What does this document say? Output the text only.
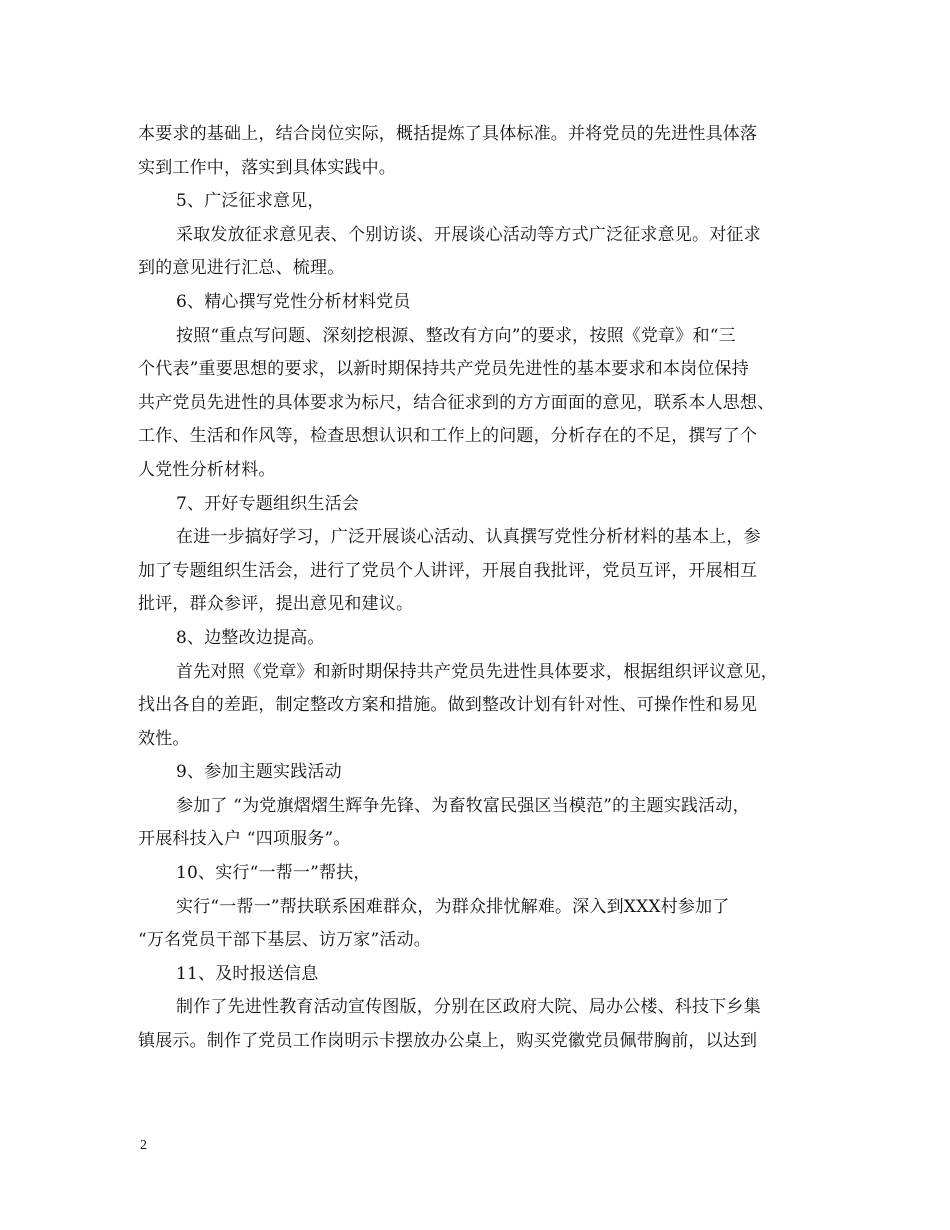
本要求的基础上，结合岗位实际，概括提炼了具体标准。并将党员的先进性具体落
实到工作中，落实到具体实践中。
5、广泛征求意见，
采取发放征求意见表、个别访谈、开展谈心活动等方式广泛征求意见。对征求
到的意见进行汇总、梳理。
6、精心撰写党性分析材料党员
按照“重点写问题、深刻挖根源、整改有方向”的要求，按照《党章》和“三
个代表”重要思想的要求，以新时期保持共产党员先进性的基本要求和本岗位保持
共产党员先进性的具体要求为标尺，结合征求到的方方面面的意见，联系本人思想、
工作、生活和作风等，检查思想认识和工作上的问题，分析存在的不足，撰写了个
人党性分析材料。
7、开好专题组织生活会
在进一步搞好学习，广泛开展谈心活动、认真撰写党性分析材料的基本上，参
加了专题组织生活会，进行了党员个人讲评，开展自我批评，党员互评，开展相互
批评，群众参评，提出意见和建议。
8、边整改边提高。
首先对照《党章》和新时期保持共产党员先进性具体要求，根据组织评议意见，
找出各自的差距，制定整改方案和措施。做到整改计划有针对性、可操作性和易见
效性。
9、参加主题实践活动
参加了 “为党旗熠熠生辉争先锋、为畜牧富民强区当模范”的主题实践活动，
开展科技入户 “四项服务”。
10、实行“一帮一”帮扶，
实行“一帮一”帮扶联系困难群众，为群众排忧解难。深入到XXX村参加了
“万名党员干部下基层、访万家”活动。
11、及时报送信息
制作了先进性教育活动宣传图版，分别在区政府大院、局办公楼、科技下乡集
镇展示。制作了党员工作岗明示卡摆放办公桌上，购买党徽党员佩带胸前，以达到
2
